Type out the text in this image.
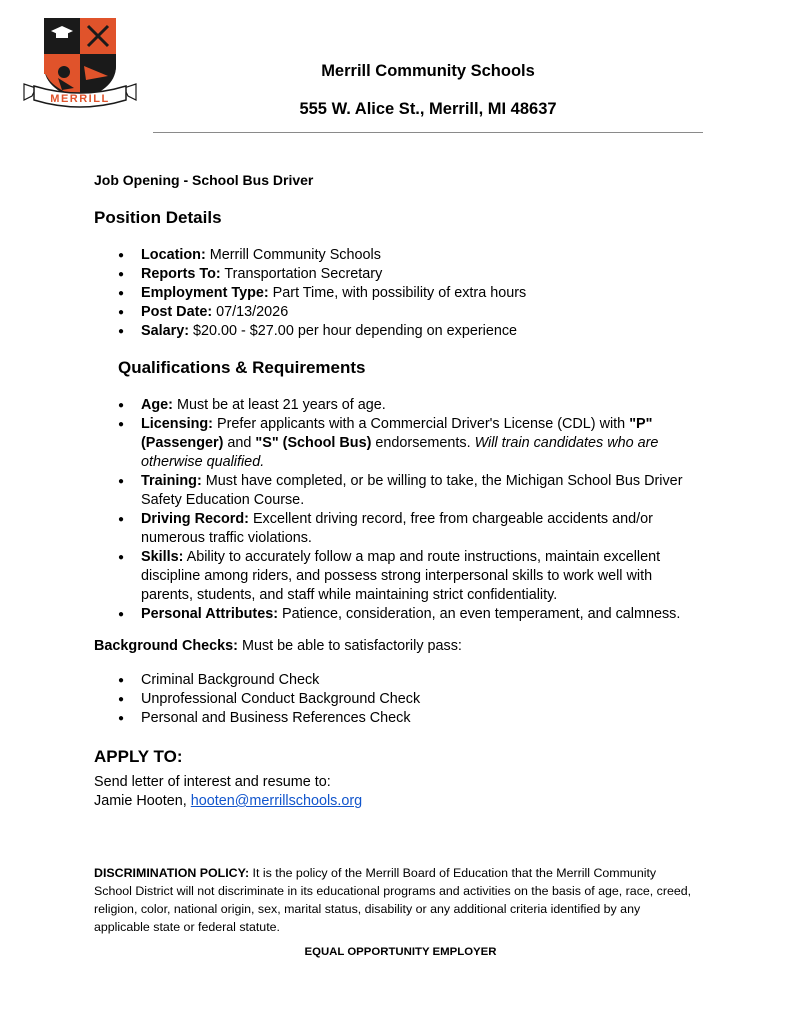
MERRILL
Merrill Community Schools
555 W. Alice St., Merrill, MI 48637
Job Opening - School Bus Driver
Position Details
● Location: Merrill Community Schools
● Reports To: Transportation Secretary
● Employment Type: Part Time, with possibility of extra hours
● Post Date: 07/13/2026
● Salary: $20.00 - $27.00 per hour depending on experience
Qualifications & Requirements
● Age: Must be at least 21 years of age.
● Licensing: Prefer applicants with a Commercial Driver's License (CDL) with "P" (Passenger) and "S" (School Bus) endorsements. Will train candidates who are otherwise qualified.
● Training: Must have completed, or be willing to take, the Michigan School Bus Driver Safety Education Course.
● Driving Record: Excellent driving record, free from chargeable accidents and/or numerous traffic violations.
● Skills: Ability to accurately follow a map and route instructions, maintain excellent discipline among riders, and possess strong interpersonal skills to work well with parents, students, and staff while maintaining strict confidentiality.
● Personal Attributes: Patience, consideration, an even temperament, and calmness.
Background Checks: Must be able to satisfactorily pass:
● Criminal Background Check
● Unprofessional Conduct Background Check
● Personal and Business References Check
APPLY TO:
Send letter of interest and resume to:
Jamie Hooten, hooten@merrillschools.org
DISCRIMINATION POLICY: It is the policy of the Merrill Board of Education that the Merrill Community School District will not discriminate in its educational programs and activities on the basis of age, race, creed, religion, color, national origin, sex, marital status, disability or any additional criteria identified by any applicable state or federal statute.
EQUAL OPPORTUNITY EMPLOYER
